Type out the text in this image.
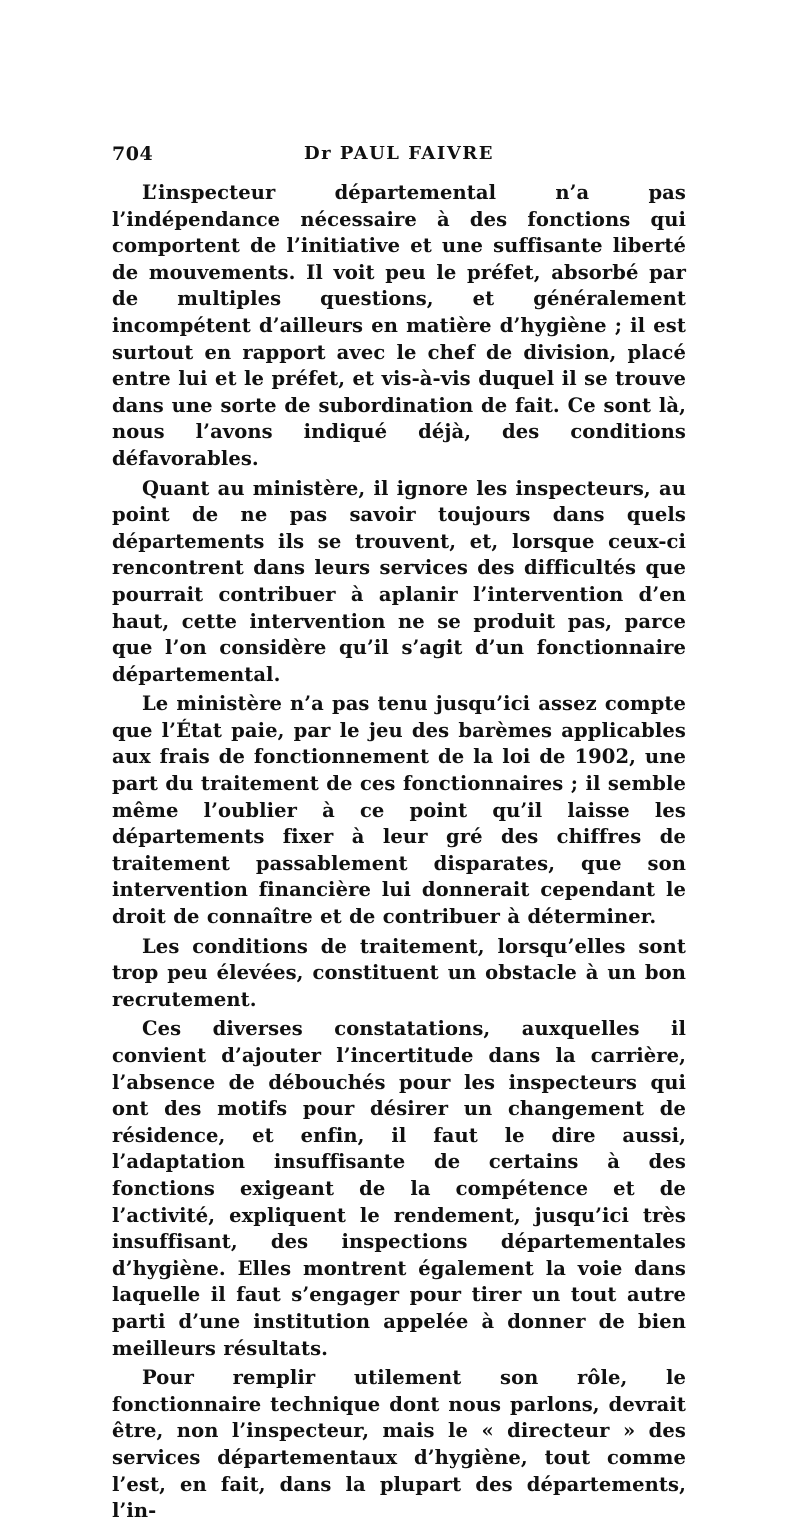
704	Dr PAUL FAIVRE

L’inspecteur départemental n’a pas l’indépendance nécessaire à des fonctions qui comportent de l’initiative et une suffisante liberté de mouvements. Il voit peu le préfet, absorbé par de multiples questions, et généralement incompétent d’ailleurs en matière d’hygiène ; il est surtout en rapport avec le chef de division, placé entre lui et le préfet, et vis-à-vis duquel il se trouve dans une sorte de subordination de fait. Ce sont là, nous l’avons indiqué déjà, des conditions défavorables.

Quant au ministère, il ignore les inspecteurs, au point de ne pas savoir toujours dans quels départements ils se trouvent, et, lorsque ceux-ci rencontrent dans leurs services des difficultés que pourrait contribuer à aplanir l’intervention d’en haut, cette intervention ne se produit pas, parce que l’on considère qu’il s’agit d’un fonctionnaire départemental.

Le ministère n’a pas tenu jusqu’ici assez compte que l’État paie, par le jeu des barèmes applicables aux frais de fonctionnement de la loi de 1902, une part du traitement de ces fonctionnaires ; il semble même l’oublier à ce point qu’il laisse les départements fixer à leur gré des chiffres de traitement passablement disparates, que son intervention financière lui donnerait cependant le droit de connaître et de contribuer à déterminer.

Les conditions de traitement, lorsqu’elles sont trop peu élevées, constituent un obstacle à un bon recrutement.

Ces diverses constatations, auxquelles il convient d’ajouter l’incertitude dans la carrière, l’absence de débouchés pour les inspecteurs qui ont des motifs pour désirer un changement de résidence, et enfin, il faut le dire aussi, l’adaptation insuffisante de certains à des fonctions exigeant de la compétence et de l’activité, expliquent le rendement, jusqu’ici très insuffisant, des inspections départementales d’hygiène. Elles montrent également la voie dans laquelle il faut s’engager pour tirer un tout autre parti d’une institution appelée à donner de bien meilleurs résultats.

Pour remplir utilement son rôle, le fonctionnaire technique dont nous parlons, devrait être, non l’inspecteur, mais le « directeur » des services départementaux d’hygiène, tout comme l’est, en fait, dans la plupart des départements, l’in-
